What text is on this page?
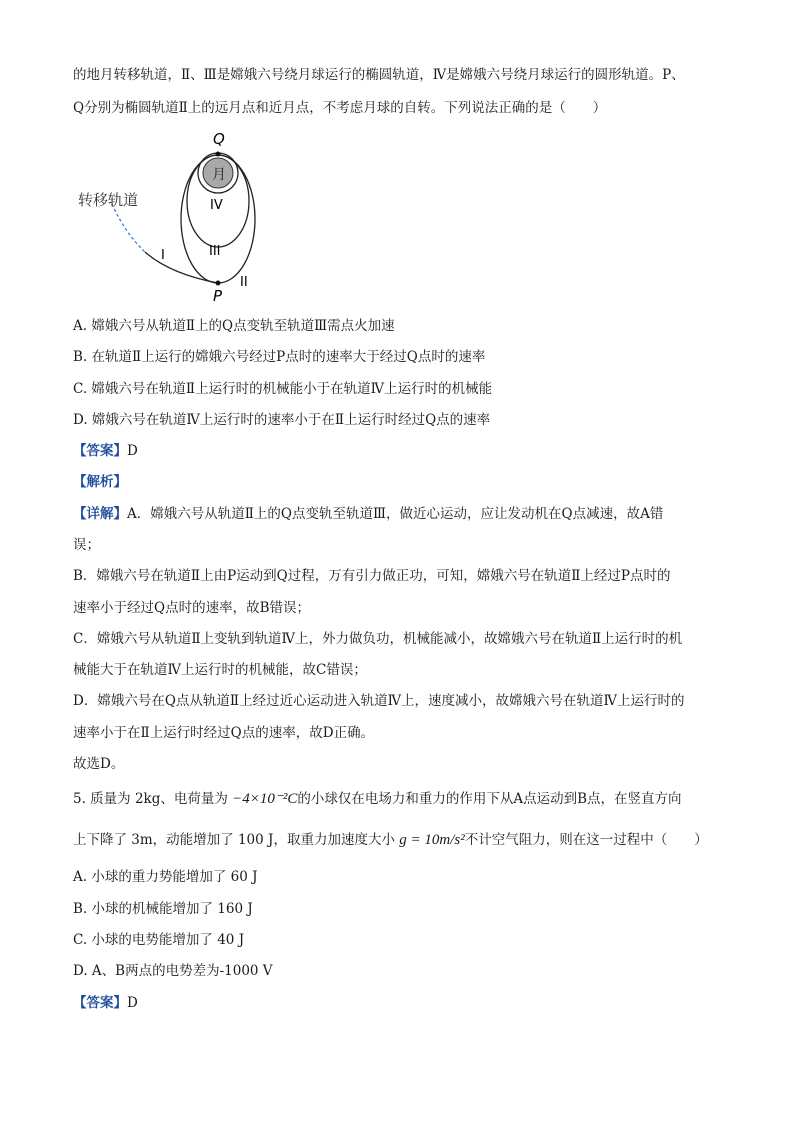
的地月转移轨道，Ⅱ、Ⅲ是嫦娥六号绕月球运行的椭圆轨道，Ⅳ是嫦娥六号绕月球运行的圆形轨道。P、
Q分别为椭圆轨道Ⅱ上的远月点和近月点，不考虑月球的自转。下列说法正确的是（　　）
Q
月
IV
III
II
I
P
转移轨道
A. 嫦娥六号从轨道Ⅱ上的Q点变轨至轨道Ⅲ需点火加速
B. 在轨道Ⅱ上运行的嫦娥六号经过P点时的速率大于经过Q点时的速率
C. 嫦娥六号在轨道Ⅱ上运行时的机械能小于在轨道Ⅳ上运行时的机械能
D. 嫦娥六号在轨道Ⅳ上运行时的速率小于在Ⅱ上运行时经过Q点的速率
【答案】D
【解析】
【详解】A．嫦娥六号从轨道Ⅱ上的Q点变轨至轨道Ⅲ，做近心运动，应让发动机在Q点减速，故A错
误；
B．嫦娥六号在轨道Ⅱ上由P运动到Q过程，万有引力做正功，可知，嫦娥六号在轨道Ⅱ上经过P点时的
速率小于经过Q点时的速率，故B错误；
C．嫦娥六号从轨道Ⅱ上变轨到轨道Ⅳ上，外力做负功，机械能减小，故嫦娥六号在轨道Ⅱ上运行时的机
械能大于在轨道Ⅳ上运行时的机械能，故C错误；
D．嫦娥六号在Q点从轨道Ⅱ上经过近心运动进入轨道Ⅳ上，速度减小，故嫦娥六号在轨道Ⅳ上运行时的
速率小于在Ⅱ上运行时经过Q点的速率，故D正确。
故选D。
5. 质量为 2kg、电荷量为 −4×10⁻²C的小球仅在电场力和重力的作用下从A点运动到B点，在竖直方向
上下降了 3m，动能增加了 100 J，取重力加速度大小 g = 10m/s²不计空气阻力，则在这一过程中（　　）
A. 小球的重力势能增加了 60 J
B. 小球的机械能增加了 160 J
C. 小球的电势能增加了 40 J
D. A、B两点的电势差为-1000 V
【答案】D
